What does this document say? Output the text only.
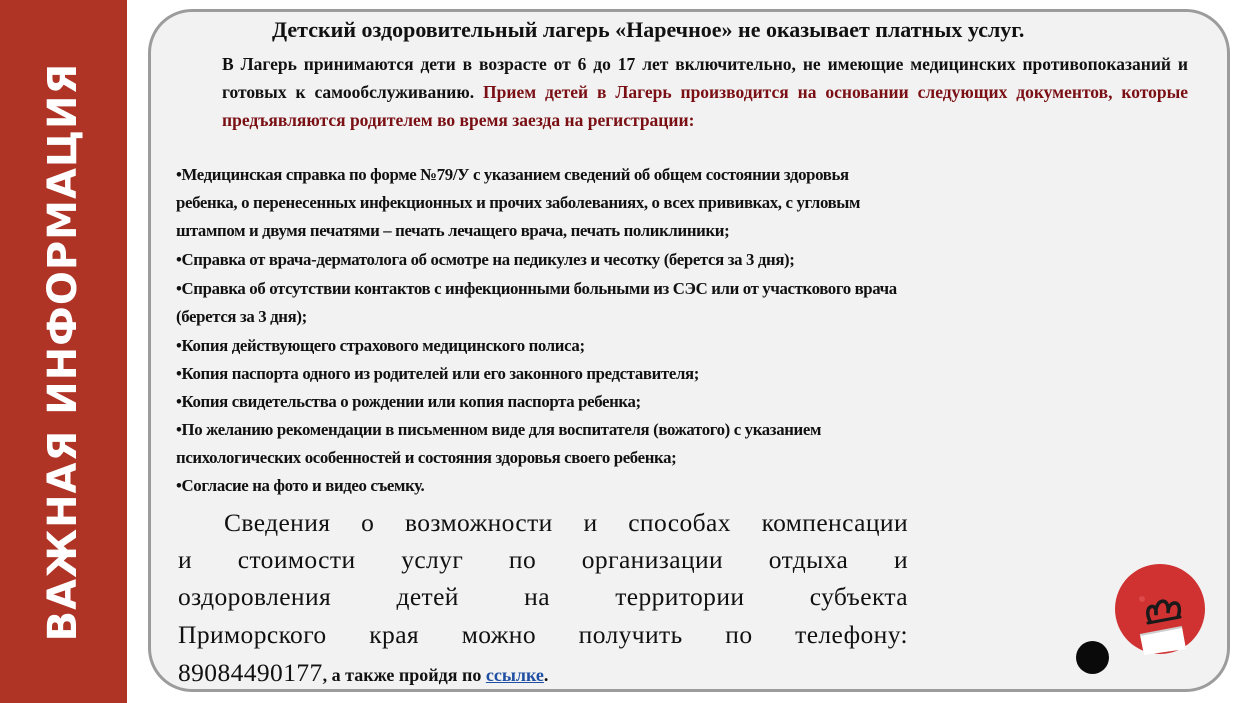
ВАЖНАЯ ИНФОРМАЦИЯ
Детский оздоровительный лагерь «Наречное» не оказывает платных услуг.
В Лагерь принимаются дети в возрасте от 6 до 17 лет включительно, не имеющие медицинских противопоказаний и готовых к самообслуживанию. Прием детей в Лагерь производится на основании следующих документов, которые предъявляются родителем во время заезда на регистрации:
•Медицинская справка по форме №79/У с указанием сведений об общем состоянии здоровья
ребенка, о перенесенных инфекционных и прочих заболеваниях, о всех прививках, с угловым
штампом и двумя печатями – печать лечащего врача, печать поликлиники;
•Справка от врача-дерматолога об осмотре на педикулез и чесотку (берется за 3 дня);
•Справка об отсутствии контактов с инфекционными больными из СЭС или от участкового врача
(берется за 3 дня);
•Копия действующего страхового медицинского полиса;
•Копия паспорта одного из родителей или его законного представителя;
•Копия свидетельства о рождении или копия паспорта ребенка;
•По желанию рекомендации в письменном виде для воспитателя (вожатого) с указанием
психологических особенностей и состояния здоровья своего ребенка;
•Согласие на фото и видео съемку.
Сведения о возможности и способах компенсации
и стоимости услуг по организации отдыха и
оздоровления детей на территории субъекта
Приморского края можно получить по телефону:
89084490177, а также пройдя по ссылке.
